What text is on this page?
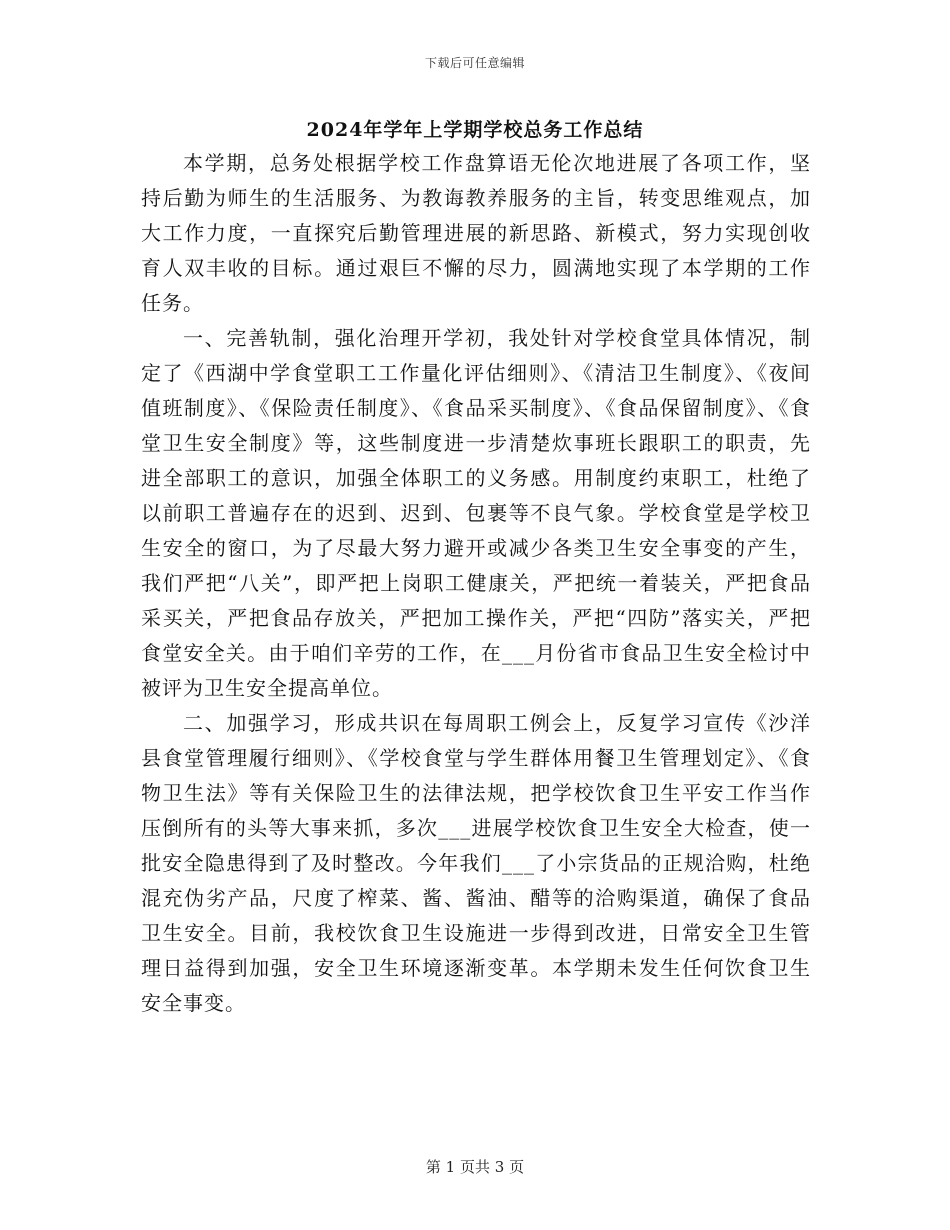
下载后可任意编辑
2024年学年上学期学校总务工作总结

本学期，总务处根据学校工作盘算语无伦次地进展了各项工作，坚持后勤为师生的生活服务、为教诲教养服务的主旨，转变思维观点，加大工作力度，一直探究后勤管理进展的新思路、新模式，努力实现创收育人双丰收的目标。通过艰巨不懈的尽力，圆满地实现了本学期的工作任务。

一、完善轨制，强化治理开学初，我处针对学校食堂具体情况，制定了《西湖中学食堂职工工作量化评估细则》、《清洁卫生制度》、《夜间值班制度》、《保险责任制度》、《食品采买制度》、《食品保留制度》、《食堂卫生安全制度》等，这些制度进一步清楚炊事班长跟职工的职责，先进全部职工的意识，加强全体职工的义务感。用制度约束职工，杜绝了以前职工普遍存在的迟到、迟到、包裹等不良气象。学校食堂是学校卫生安全的窗口，为了尽最大努力避开或减少各类卫生安全事变的产生，我们严把“八关”，即严把上岗职工健康关，严把统一着装关，严把食品采买关，严把食品存放关，严把加工操作关，严把“四防”落实关，严把食堂安全关。由于咱们辛劳的工作，在___月份省市食品卫生安全检讨中被评为卫生安全提高单位。

二、加强学习，形成共识在每周职工例会上，反复学习宣传《沙洋县食堂管理履行细则》、《学校食堂与学生群体用餐卫生管理划定》、《食物卫生法》等有关保险卫生的法律法规，把学校饮食卫生平安工作当作压倒所有的头等大事来抓，多次___进展学校饮食卫生安全大检查，使一批安全隐患得到了及时整改。今年我们___了小宗货品的正规洽购，杜绝混充伪劣产品，尺度了榨菜、酱、酱油、醋等的洽购渠道，确保了食品卫生安全。目前，我校饮食卫生设施进一步得到改进，日常安全卫生管理日益得到加强，安全卫生环境逐渐变革。本学期未发生任何饮食卫生安全事变。

第 1 页共 3 页
